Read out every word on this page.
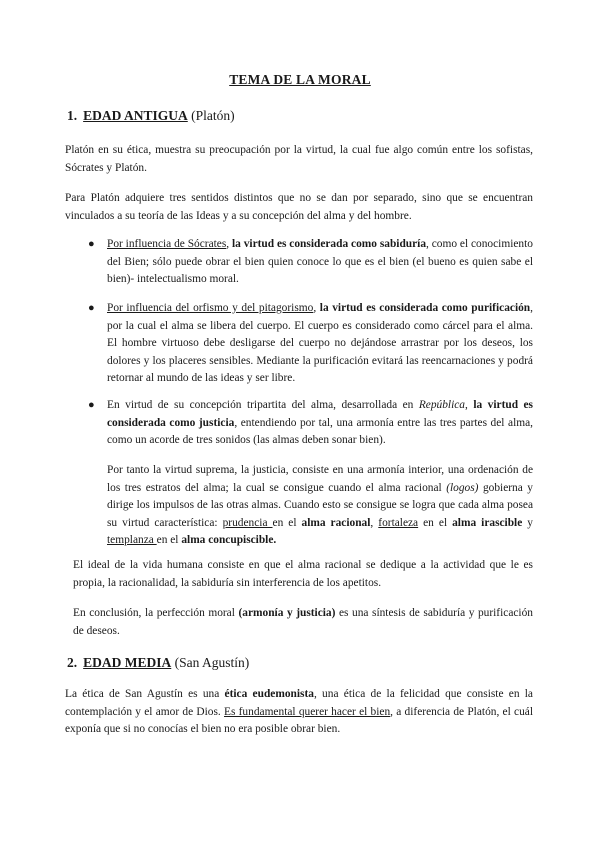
TEMA DE LA MORAL
1. EDAD ANTIGUA (Platón)

Platón en su ética, muestra su preocupación por la virtud, la cual fue algo común entre los sofistas, Sócrates y Platón.

Para Platón adquiere tres sentidos distintos que no se dan por separado, sino que se encuentran vinculados a su teoría de las Ideas y a su concepción del alma y del hombre.

● Por influencia de Sócrates, la virtud es considerada como sabiduría, como el conocimiento del Bien; sólo puede obrar el bien quien conoce lo que es el bien (el bueno es quien sabe el bien)- intelectualismo moral.

● Por influencia del orfismo y del pitagorismo, la virtud es considerada como purificación, por la cual el alma se libera del cuerpo. El cuerpo es considerado como cárcel para el alma. El hombre virtuoso debe desligarse del cuerpo no dejándose arrastrar por los deseos, los dolores y los placeres sensibles. Mediante la purificación evitará las reencarnaciones y podrá retornar al mundo de las ideas y ser libre.

● En virtud de su concepción tripartita del alma, desarrollada en República, la virtud es considerada como justicia, entendiendo por tal, una armonía entre las tres partes del alma, como un acorde de tres sonidos (las almas deben sonar bien).

Por tanto la virtud suprema, la justicia, consiste en una armonía interior, una ordenación de los tres estratos del alma; la cual se consigue cuando el alma racional (logos) gobierna y dirige los impulsos de las otras almas. Cuando esto se consigue se logra que cada alma posea su virtud característica: prudencia en el alma racional, fortaleza en el alma irascible y templanza en el alma concupiscible.

El ideal de la vida humana consiste en que el alma racional se dedique a la actividad que le es propia, la racionalidad, la sabiduría sin interferencia de los apetitos.

En conclusión, la perfección moral (armonía y justicia) es una síntesis de sabiduría y purificación de deseos.

2. EDAD MEDIA (San Agustín)

La ética de San Agustín es una ética eudemonista, una ética de la felicidad que consiste en la contemplación y el amor de Dios. Es fundamental querer hacer el bien, a diferencia de Platón, el cuál exponía que si no conocías el bien no era posible obrar bien.
